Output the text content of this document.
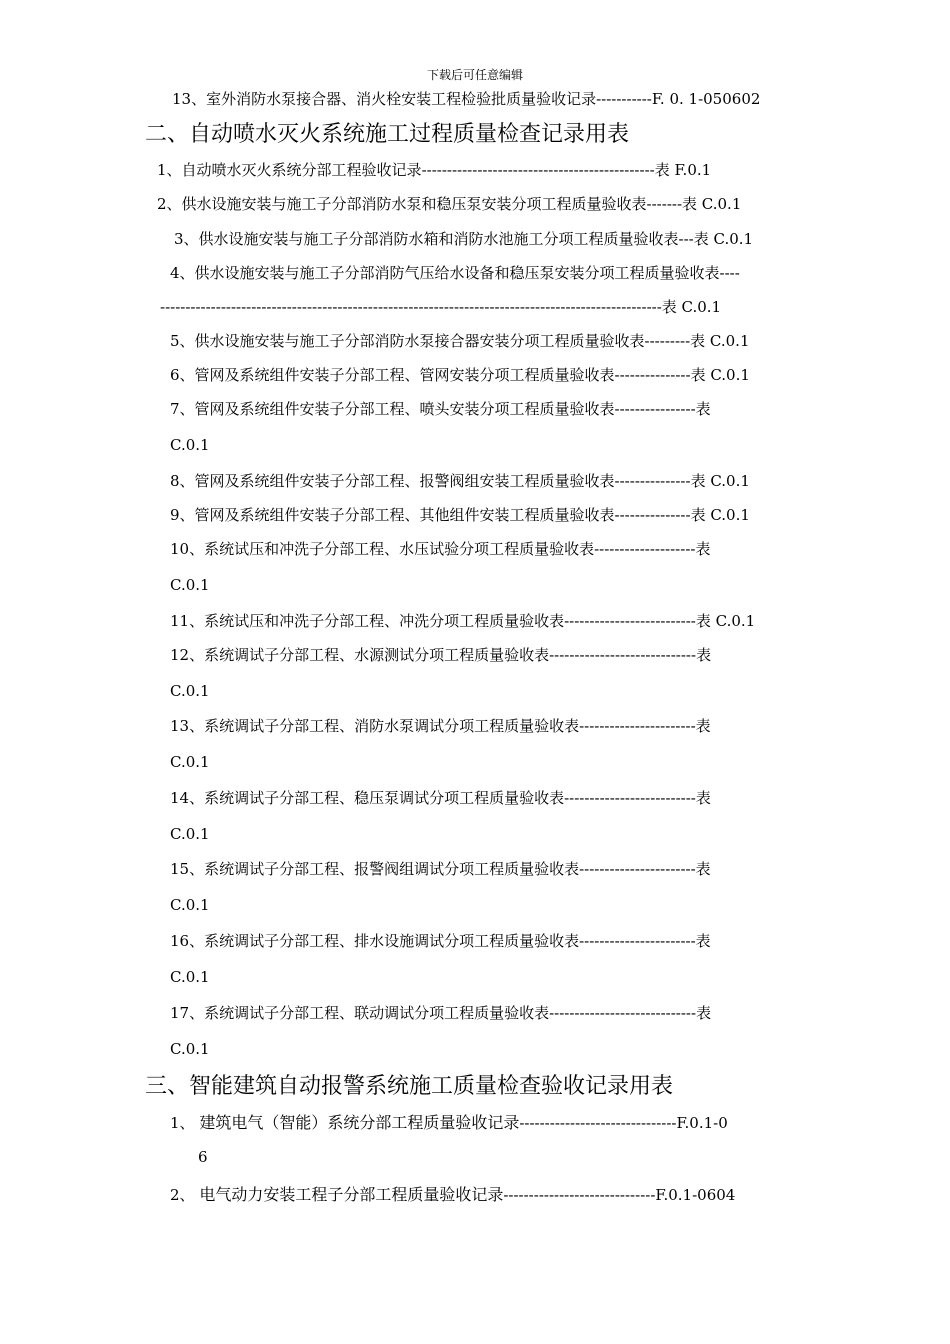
下载后可任意编辑
13、室外消防水泵接合器、消火栓安装工程检验批质量验收记录-----------F. 0. 1-050602
二、自动喷水灭火系统施工过程质量检查记录用表
1、自动喷水灭火系统分部工程验收记录----------------------------------------------表 F.0.1
2、供水设施安装与施工子分部消防水泵和稳压泵安装分项工程质量验收表-------表 C.0.1
3、供水设施安装与施工子分部消防水箱和消防水池施工分项工程质量验收表---表 C.0.1
4、供水设施安装与施工子分部消防气压给水设备和稳压泵安装分项工程质量验收表----
---------------------------------------------------------------------------------------------------表 C.0.1
5、供水设施安装与施工子分部消防水泵接合器安装分项工程质量验收表---------表 C.0.1
6、管网及系统组件安装子分部工程、管网安装分项工程质量验收表---------------表 C.0.1
7、管网及系统组件安装子分部工程、喷头安装分项工程质量验收表----------------表
C.0.1
8、管网及系统组件安装子分部工程、报警阀组安装工程质量验收表---------------表 C.0.1
9、管网及系统组件安装子分部工程、其他组件安装工程质量验收表---------------表 C.0.1
10、系统试压和冲洗子分部工程、水压试验分项工程质量验收表--------------------表
C.0.1
11、系统试压和冲洗子分部工程、冲洗分项工程质量验收表--------------------------表 C.0.1
12、系统调试子分部工程、水源测试分项工程质量验收表-----------------------------表
C.0.1
13、系统调试子分部工程、消防水泵调试分项工程质量验收表-----------------------表
C.0.1
14、系统调试子分部工程、稳压泵调试分项工程质量验收表--------------------------表
C.0.1
15、系统调试子分部工程、报警阀组调试分项工程质量验收表-----------------------表
C.0.1
16、系统调试子分部工程、排水设施调试分项工程质量验收表-----------------------表
C.0.1
17、系统调试子分部工程、联动调试分项工程质量验收表-----------------------------表
C.0.1
三、智能建筑自动报警系统施工质量检查验收记录用表
1、 建筑电气（智能）系统分部工程质量验收记录-------------------------------F.0.1-0
6
2、 电气动力安装工程子分部工程质量验收记录------------------------------F.0.1-0604
